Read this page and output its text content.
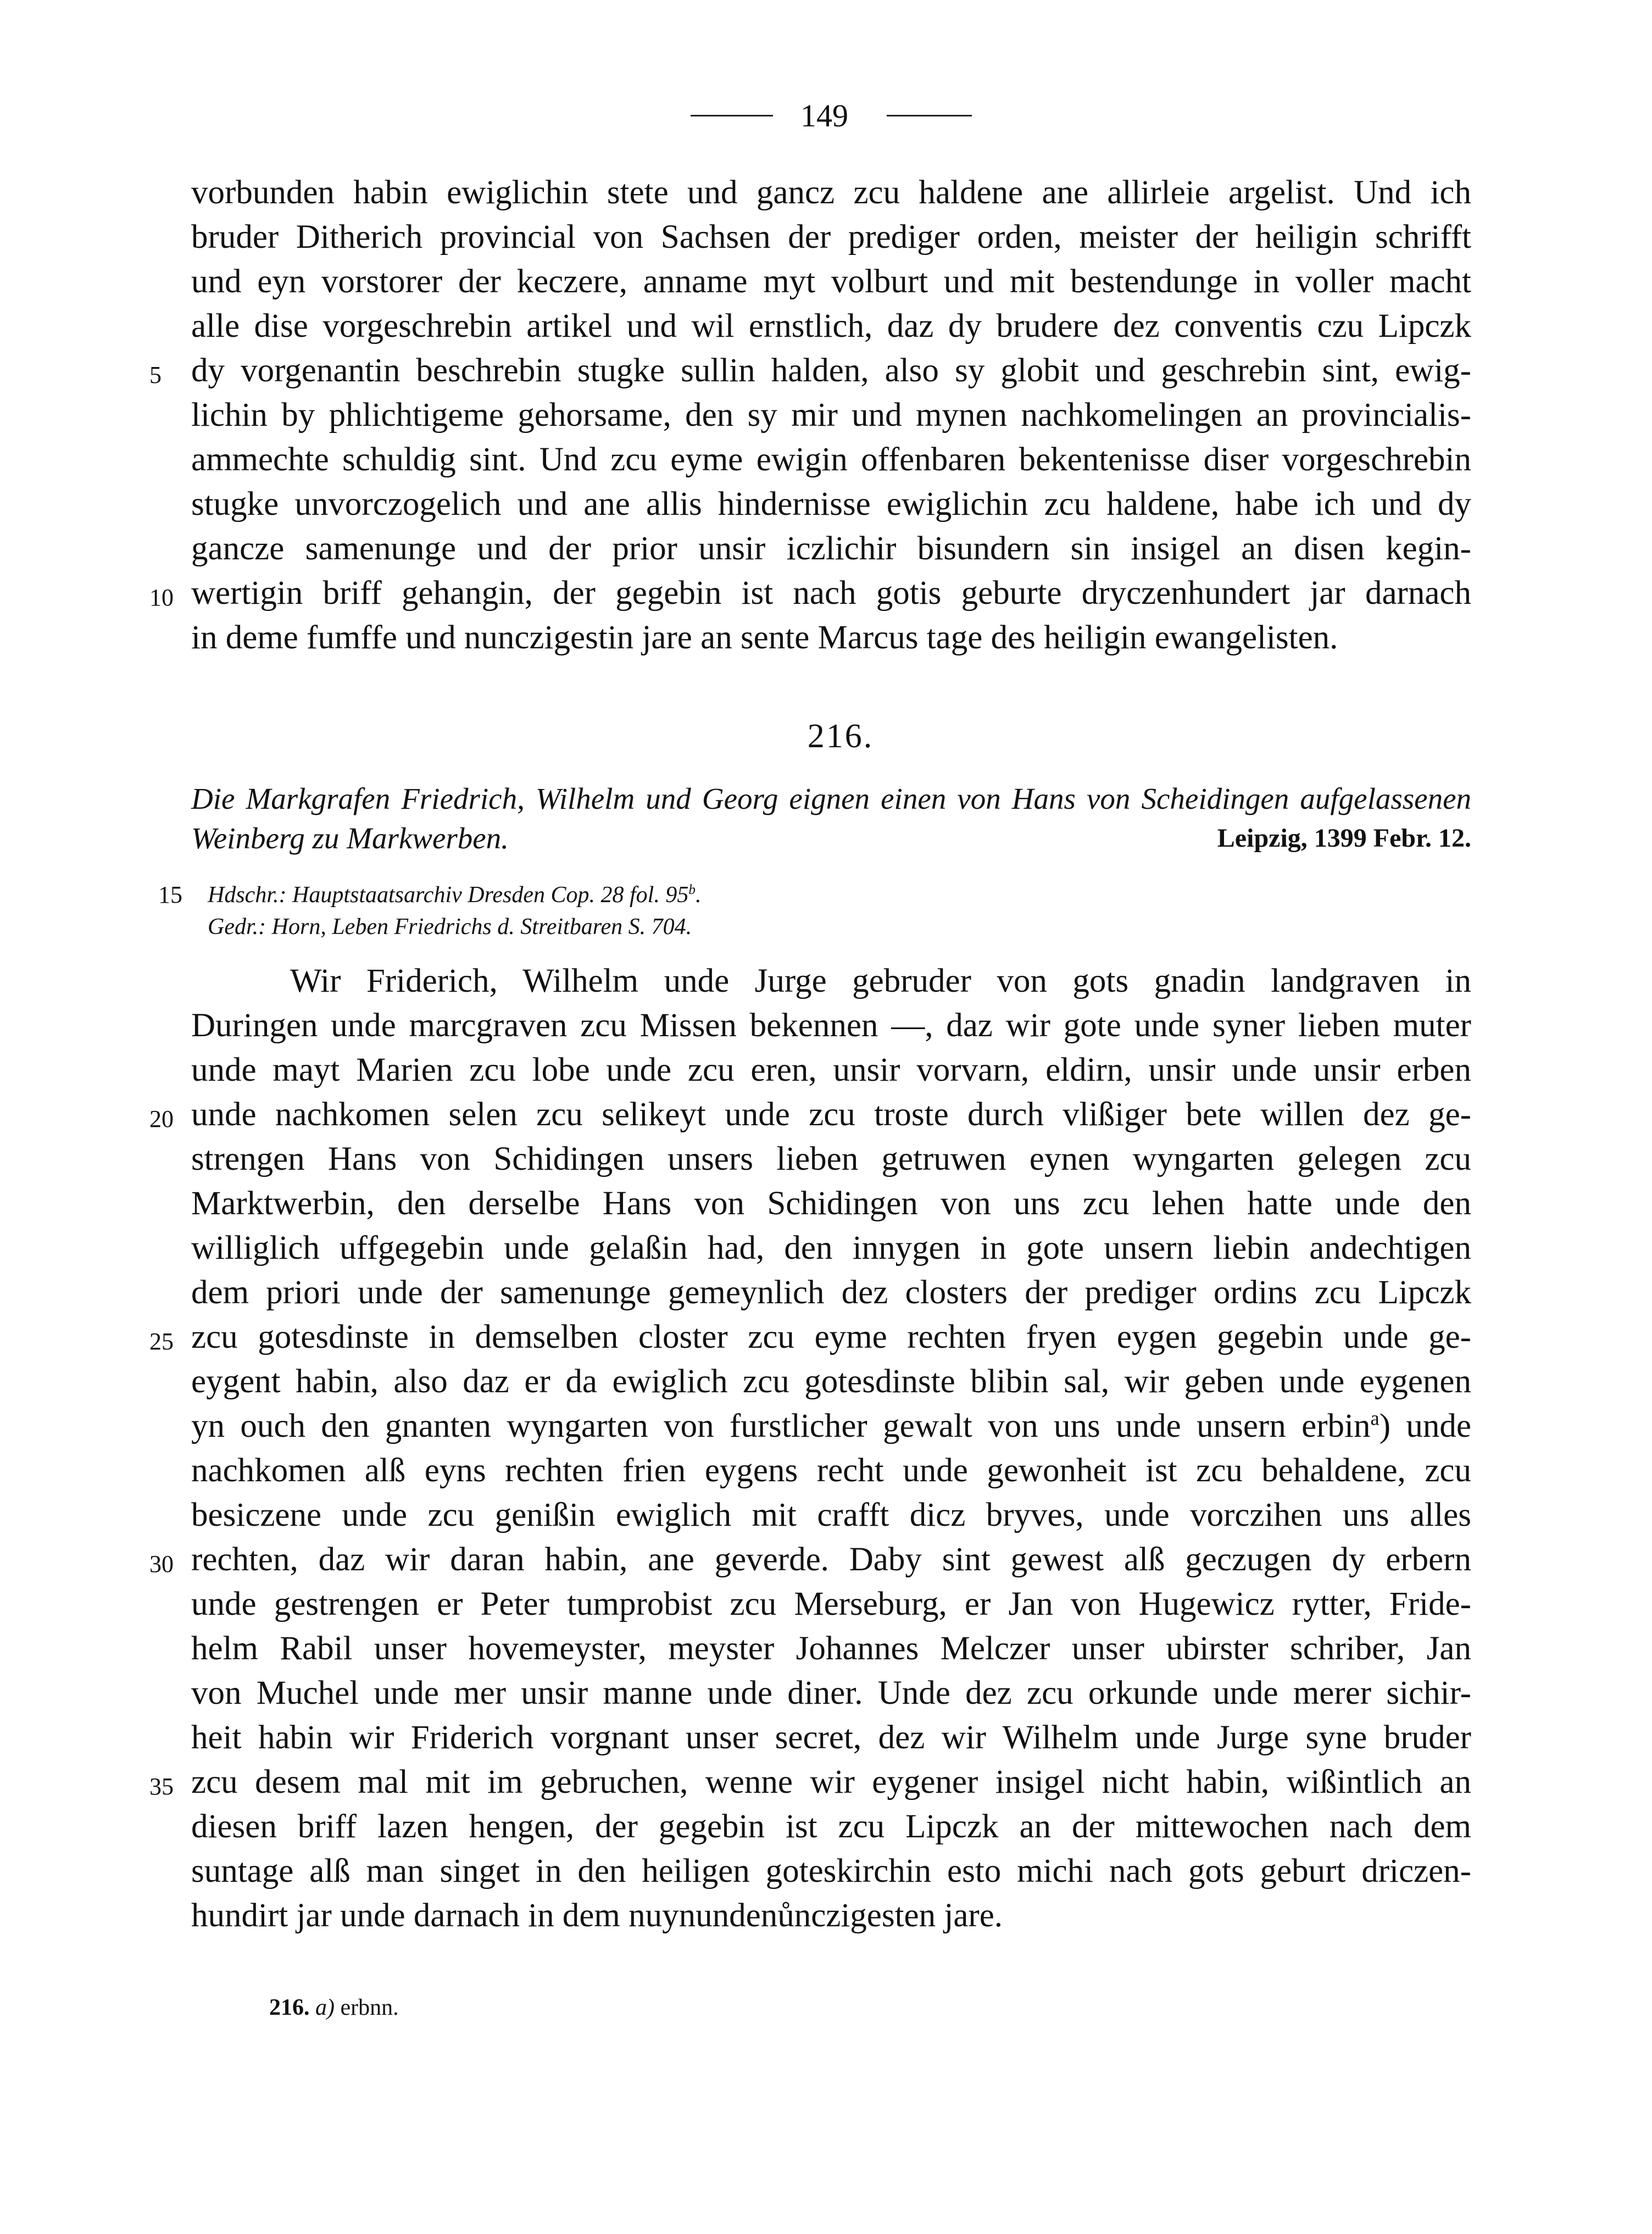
149
vorbunden habin ewiglichin stete und gancz zcu haldene ane allirleie argelist. Und ich
bruder Ditherich provincial von Sachsen der prediger orden, meister der heiligin schrifft
und eyn vorstorer der keczere, anname myt volburt und mit bestendunge in voller macht
alle dise vorgeschrebin artikel und wil ernstlich, daz dy brudere dez conventis czu Lipczk
5 dy vorgenantin beschrebin stugke sullin halden, also sy globit und geschrebin sint, ewig-
lichin by phlichtigeme gehorsame, den sy mir und mynen nachkomelingen an provincialis-
ammechte schuldig sint. Und zcu eyme ewigin offenbaren bekentenisse diser vorgeschrebin
stugke unvorczogelich und ane allis hindernisse ewiglichin zcu haldene, habe ich und dy
gancze samenunge und der prior unsir iczlichir bisundern sin insigel an disen kegin-
10 wertigin briff gehangin, der gegebin ist nach gotis geburte dryczenhundert jar darnach
in deme fumffe und nunczigestin jare an sente Marcus tage des heiligin ewangelisten.
216.
Die Markgrafen Friedrich, Wilhelm und Georg eignen einen von Hans von Scheidingen aufgelassenen
Weinberg zu Markwerben.	Leipzig, 1399 Febr. 12.
15 Hdschr.: Hauptstaatsarchiv Dresden Cop. 28 fol. 95$^b$.
Gedr.: Horn, Leben Friedrichs d. Streitbaren S. 704.
Wir Friderich, Wilhelm unde Jurge gebruder von gots gnadin landgraven in
Duringen unde marcgraven zcu Missen bekennen —, daz wir gote unde syner lieben muter
unde mayt Marien zcu lobe unde zcu eren, unsir vorvarn, eldirn, unsir unde unsir erben
20 unde nachkomen selen zcu selikeyt unde zcu troste durch vlißiger bete willen dez ge-
strengen Hans von Schidingen unsers lieben getruwen eynen wyngarten gelegen zcu
Marktwerbin, den derselbe Hans von Schidingen von uns zcu lehen hatte unde den
williglich uffgegebin unde gelaßin had, den innygen in gote unsern liebin andechtigen
dem priori unde der samenunge gemeynlich dez closters der prediger ordins zcu Lipczk
25 zcu gotesdinste in demselben closter zcu eyme rechten fryen eygen gegebin unde ge-
eygent habin, also daz er da ewiglich zcu gotesdinste blibin sal, wir geben unde eygenen
yn ouch den gnanten wyngarten von furstlicher gewalt von uns unde unsern erbin$^a$) unde
nachkomen alß eyns rechten frien eygens recht unde gewonheit ist zcu behaldene, zcu
besiczene unde zcu genißin ewiglich mit crafft dicz bryves, unde vorczihen uns alles
30 rechten, daz wir daran habin, ane geverde. Daby sint gewest alß geczugen dy erbern
unde gestrengen er Peter tumprobist zcu Merseburg, er Jan von Hugewicz rytter, Fride-
helm Rabil unser hovemeyster, meyster Johannes Melczer unser ubirster schriber, Jan
von Muchel unde mer unsir manne unde diner. Unde dez zcu orkunde unde merer sichir-
heit habin wir Friderich vorgnant unser secret, dez wir Wilhelm unde Jurge syne bruder
35 zcu desem mal mit im gebruchen, wenne wir eygener insigel nicht habin, wißintlich an
diesen briff lazen hengen, der gegebin ist zcu Lipczk an der mittewochen nach dem
suntage alß man singet in den heiligen goteskirchin esto michi nach gots geburt driczen-
hundirt jar unde darnach in dem nuynundenůnczigesten jare.
216. a) erbnn.
